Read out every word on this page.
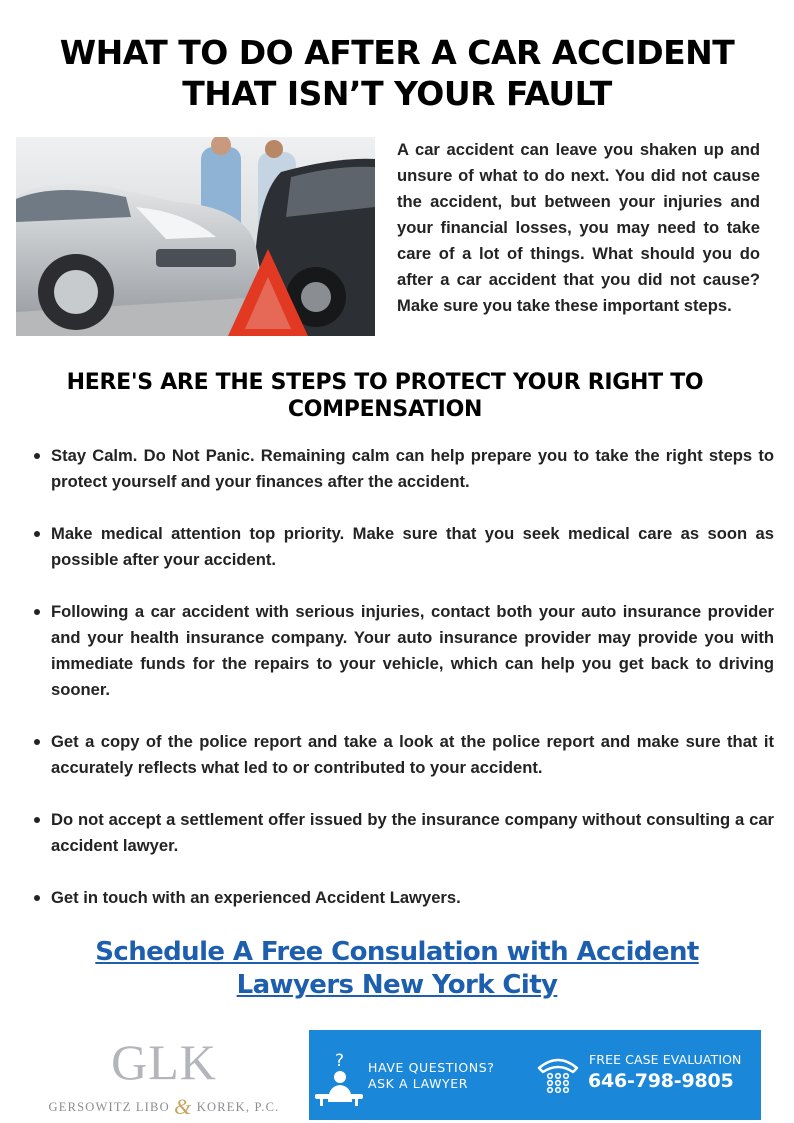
WHAT TO DO AFTER A CAR ACCIDENT THAT ISN’T YOUR FAULT

A car accident can leave you shaken up and unsure of what to do next. You did not cause the accident, but between your injuries and your financial losses, you may need to take care of a lot of things. What should you do after a car accident that you did not cause? Make sure you take these important steps.

HERE'S ARE THE STEPS TO PROTECT YOUR RIGHT TO COMPENSATION
Stay Calm. Do Not Panic. Remaining calm can help prepare you to take the right steps to protect yourself and your finances after the accident.
Make medical attention top priority. Make sure that you seek medical care as soon as possible after your accident.
Following a car accident with serious injuries, contact both your auto insurance provider and your health insurance company. Your auto insurance provider may provide you with immediate funds for the repairs to your vehicle, which can help you get back to driving sooner.
Get a copy of the police report and take a look at the police report and make sure that it accurately reflects what led to or contributed to your accident.
Do not accept a settlement offer issued by the insurance company without consulting a car accident lawyer.
Get in touch with an experienced Accident Lawyers.
Schedule A Free Consulation with Accident Lawyers New York City
GLK
GERSOWITZ LIBO & KOREK, P.C.
? HAVE QUESTIONS?
ASK A LAWYER
FREE CASE EVALUATION
646-798-9805
